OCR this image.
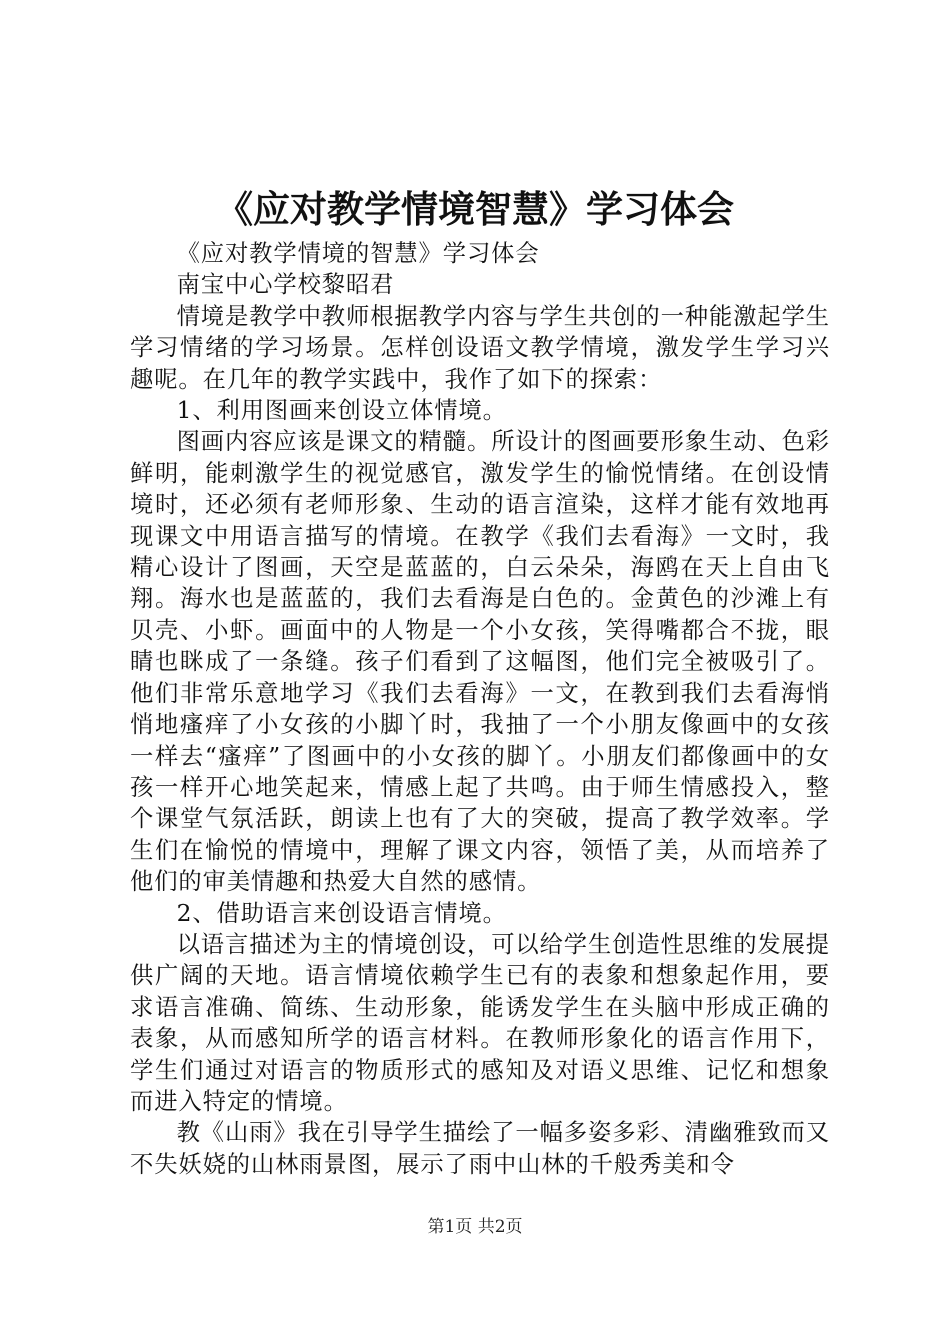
《应对教学情境智慧》学习体会

《应对教学情境的智慧》学习体会

南宝中心学校黎昭君

情境是教学中教师根据教学内容与学生共创的一种能激起学生学习情绪的学习场景。怎样创设语文教学情境，激发学生学习兴趣呢。在几年的教学实践中，我作了如下的探索：

1、利用图画来创设立体情境。

图画内容应该是课文的精髓。所设计的图画要形象生动、色彩鲜明，能刺激学生的视觉感官，激发学生的愉悦情绪。在创设情境时，还必须有老师形象、生动的语言渲染，这样才能有效地再现课文中用语言描写的情境。在教学《我们去看海》一文时，我精心设计了图画，天空是蓝蓝的，白云朵朵，海鸥在天上自由飞翔。海水也是蓝蓝的，我们去看海是白色的。金黄色的沙滩上有贝壳、小虾。画面中的人物是一个小女孩，笑得嘴都合不拢，眼睛也眯成了一条缝。孩子们看到了这幅图，他们完全被吸引了。他们非常乐意地学习《我们去看海》一文，在教到我们去看海悄悄地瘙痒了小女孩的小脚丫时，我抽了一个小朋友像画中的女孩一样去“瘙痒”了图画中的小女孩的脚丫。小朋友们都像画中的女孩一样开心地笑起来，情感上起了共鸣。由于师生情感投入，整个课堂气氛活跃，朗读上也有了大的突破，提高了教学效率。学生们在愉悦的情境中，理解了课文内容，领悟了美，从而培养了他们的审美情趣和热爱大自然的感情。

2、借助语言来创设语言情境。

以语言描述为主的情境创设，可以给学生创造性思维的发展提供广阔的天地。语言情境依赖学生已有的表象和想象起作用，要求语言准确、简练、生动形象，能诱发学生在头脑中形成正确的表象，从而感知所学的语言材料。在教师形象化的语言作用下，学生们通过对语言的物质形式的感知及对语义思维、记忆和想象而进入特定的情境。

教《山雨》我在引导学生描绘了一幅多姿多彩、清幽雅致而又不失妖娆的山林雨景图，展示了雨中山林的千般秀美和令

第1页 共2页
